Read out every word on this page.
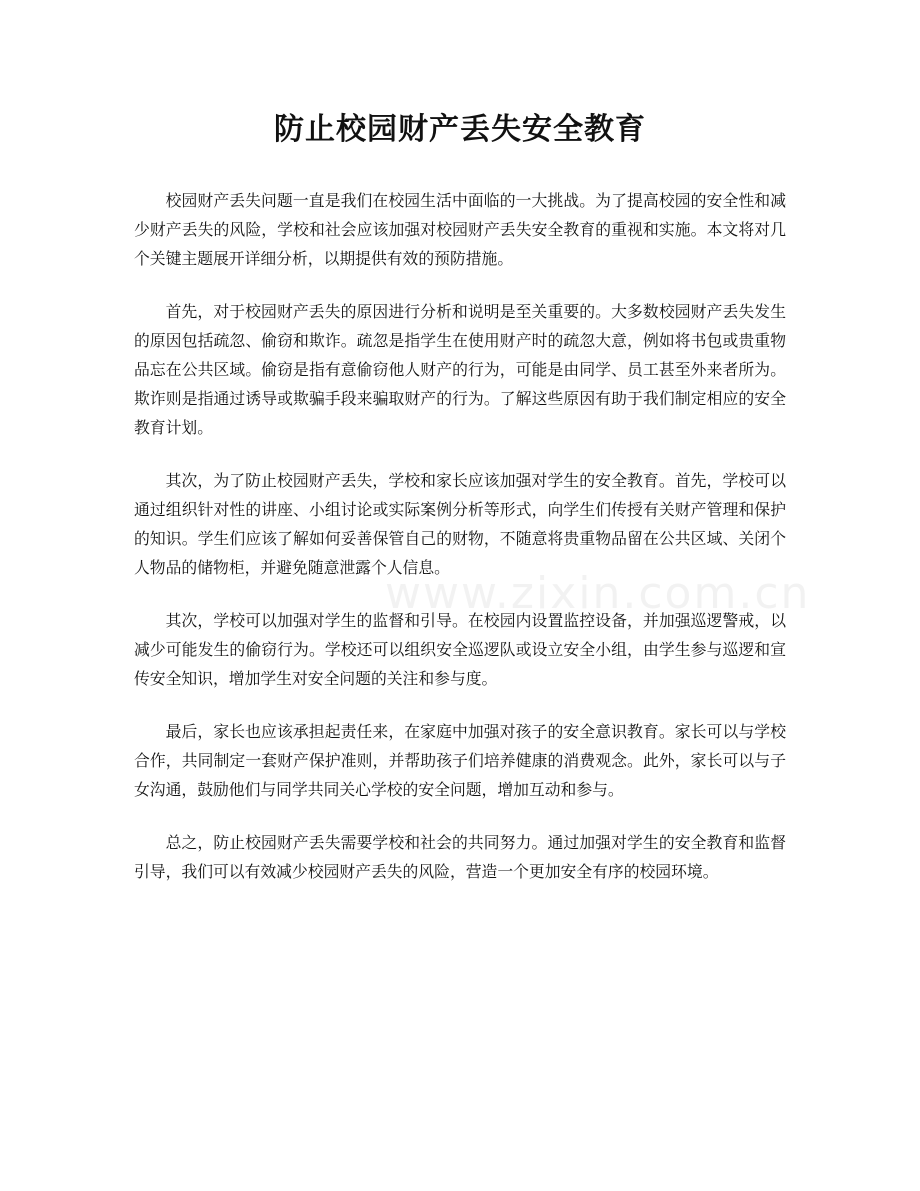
防止校园财产丢失安全教育

校园财产丢失问题一直是我们在校园生活中面临的一大挑战。为了提高校园的安全性和减少财产丢失的风险，学校和社会应该加强对校园财产丢失安全教育的重视和实施。本文将对几个关键主题展开详细分析，以期提供有效的预防措施。

首先，对于校园财产丢失的原因进行分析和说明是至关重要的。大多数校园财产丢失发生的原因包括疏忽、偷窃和欺诈。疏忽是指学生在使用财产时的疏忽大意，例如将书包或贵重物品忘在公共区域。偷窃是指有意偷窃他人财产的行为，可能是由同学、员工甚至外来者所为。欺诈则是指通过诱导或欺骗手段来骗取财产的行为。了解这些原因有助于我们制定相应的安全教育计划。

其次，为了防止校园财产丢失，学校和家长应该加强对学生的安全教育。首先，学校可以通过组织针对性的讲座、小组讨论或实际案例分析等形式，向学生们传授有关财产管理和保护的知识。学生们应该了解如何妥善保管自己的财物，不随意将贵重物品留在公共区域、关闭个人物品的储物柜，并避免随意泄露个人信息。

其次，学校可以加强对学生的监督和引导。在校园内设置监控设备，并加强巡逻警戒，以减少可能发生的偷窃行为。学校还可以组织安全巡逻队或设立安全小组，由学生参与巡逻和宣传安全知识，增加学生对安全问题的关注和参与度。

最后，家长也应该承担起责任来，在家庭中加强对孩子的安全意识教育。家长可以与学校合作，共同制定一套财产保护准则，并帮助孩子们培养健康的消费观念。此外，家长可以与子女沟通，鼓励他们与同学共同关心学校的安全问题，增加互动和参与。

总之，防止校园财产丢失需要学校和社会的共同努力。通过加强对学生的安全教育和监督引导，我们可以有效减少校园财产丢失的风险，营造一个更加安全有序的校园环境。

www.zixin.com.cn
